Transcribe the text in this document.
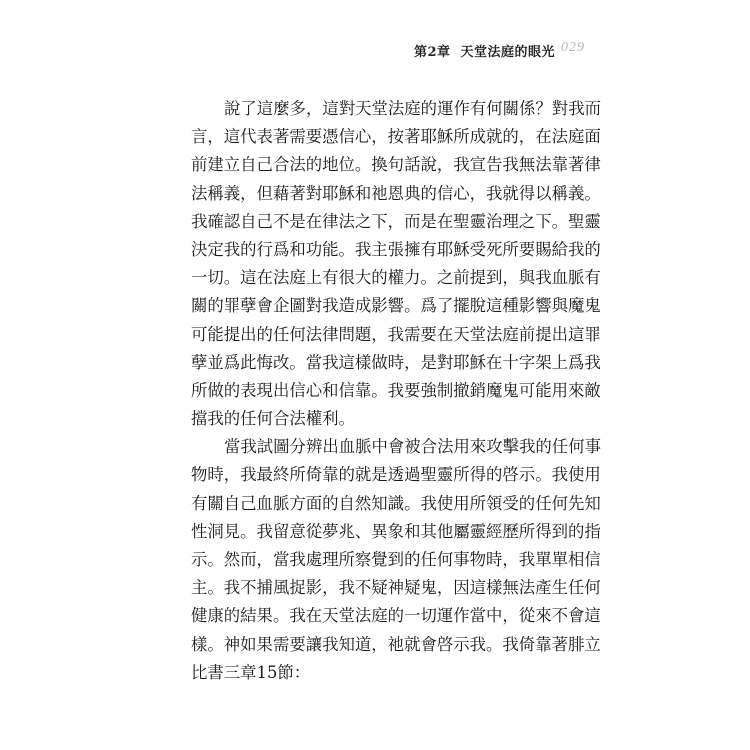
第2章 天堂法庭的眼光 029
說了這麼多，這對天堂法庭的運作有何關係？對我而
言，這代表著需要憑信心，按著耶穌所成就的，在法庭面
前建立自己合法的地位。換句話說，我宣告我無法靠著律
法稱義，但藉著對耶穌和祂恩典的信心，我就得以稱義。
我確認自己不是在律法之下，而是在聖靈治理之下。聖靈
決定我的行爲和功能。我主張擁有耶穌受死所要賜給我的
一切。這在法庭上有很大的權力。之前提到，與我血脈有
關的罪孽會企圖對我造成影響。爲了擺脫這種影響與魔鬼
可能提出的任何法律問題，我需要在天堂法庭前提出這罪
孽並爲此悔改。當我這樣做時，是對耶穌在十字架上爲我
所做的表現出信心和信靠。我要強制撤銷魔鬼可能用來敵
擋我的任何合法權利。
當我試圖分辨出血脈中會被合法用來攻擊我的任何事
物時，我最終所倚靠的就是透過聖靈所得的啓示。我使用
有關自己血脈方面的自然知識。我使用所領受的任何先知
性洞見。我留意從夢兆、異象和其他屬靈經歷所得到的指
示。然而，當我處理所察覺到的任何事物時，我單單相信
主。我不捕風捉影，我不疑神疑鬼，因這樣無法產生任何
健康的結果。我在天堂法庭的一切運作當中，從來不會這
樣。神如果需要讓我知道，祂就會啓示我。我倚靠著腓立
比書三章15節：
